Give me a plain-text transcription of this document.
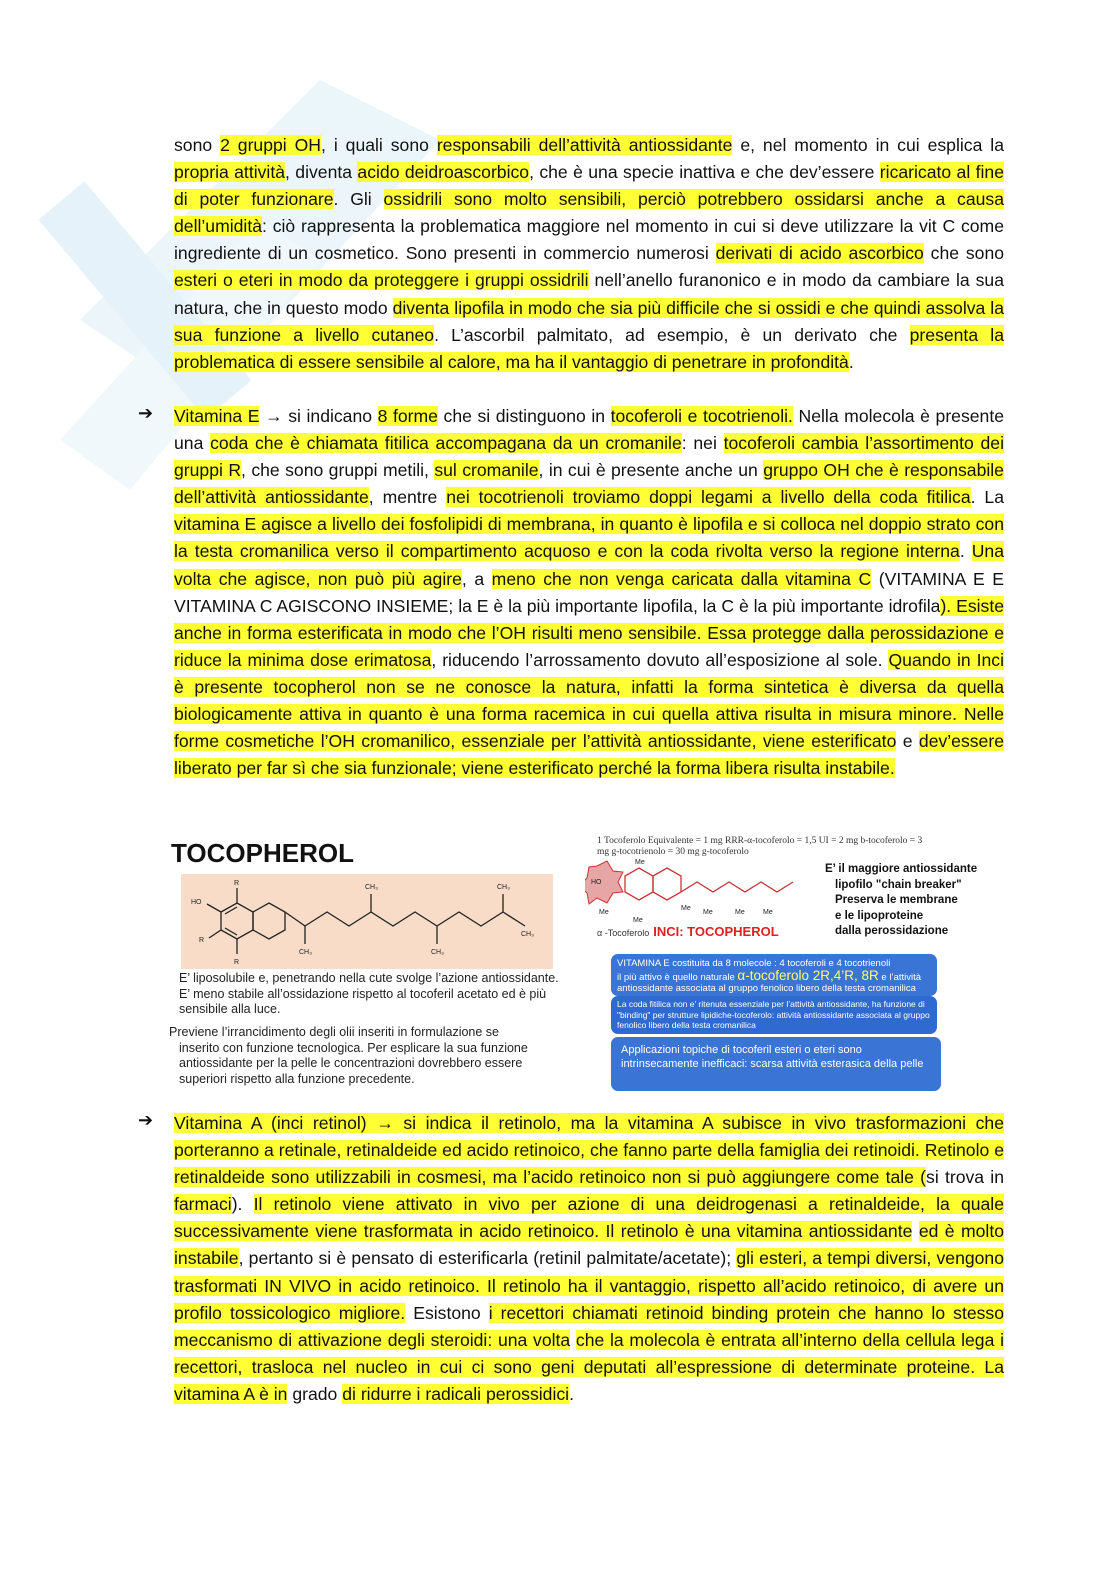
sono 2 gruppi OH, i quali sono responsabili dell’attività antiossidante e, nel momento in cui esplica la propria attività, diventa acido deidroascorbico, che è una specie inattiva e che dev’essere ricaricato al fine di poter funzionare. Gli ossidrili sono molto sensibili, perciò potrebbero ossidarsi anche a causa dell’umidità: ciò rappresenta la problematica maggiore nel momento in cui si deve utilizzare la vit C come ingrediente di un cosmetico. Sono presenti in commercio numerosi derivati di acido ascorbico che sono esteri o eteri in modo da proteggere i gruppi ossidrili nell’anello furanonico e in modo da cambiare la sua natura, che in questo modo diventa lipofila in modo che sia più difficile che si ossidi e che quindi assolva la sua funzione a livello cutaneo. L’ascorbil palmitato, ad esempio, è un derivato che presenta la problematica di essere sensibile al calore, ma ha il vantaggio di penetrare in profondità.
➔ Vitamina E → si indicano 8 forme che si distinguono in tocoferoli e tocotrienoli. Nella molecola è presente una coda che è chiamata fitilica accompagana da un cromanile: nei tocoferoli cambia l’assortimento dei gruppi R, che sono gruppi metili, sul cromanile, in cui è presente anche un gruppo OH che è responsabile dell’attività antiossidante, mentre nei tocotrienoli troviamo doppi legami a livello della coda fitilica. La vitamina E agisce a livello dei fosfolipidi di membrana, in quanto è lipofila e si colloca nel doppio strato con la testa cromanilica verso il compartimento acquoso e con la coda rivolta verso la regione interna. Una volta che agisce, non può più agire, a meno che non venga caricata dalla vitamina C (VITAMINA E E VITAMINA C AGISCONO INSIEME; la E è la più importante lipofila, la C è la più importante idrofila). Esiste anche in forma esterificata in modo che l’OH risulti meno sensibile. Essa protegge dalla perossidazione e riduce la minima dose erimatosa, riducendo l’arrossamento dovuto all’esposizione al sole. Quando in Inci è presente tocopherol non se ne conosce la natura, infatti la forma sintetica è diversa da quella biologicamente attiva in quanto è una forma racemica in cui quella attiva risulta in misura minore. Nelle forme cosmetiche l’OH cromanilico, essenziale per l’attività antiossidante, viene esterificato e dev’essere liberato per far sì che sia funzionale; viene esterificato perché la forma libera risulta instabile.
TOCOPHEROL
HO
R
R
R
CH₃
CH₃
CH₃
CH₃
CH₃
E’ liposolubile e, penetrando nella cute svolge l’azione antiossidante. E’ meno stabile all’ossidazione rispetto al tocoferil acetato ed è più sensibile alla luce.
Previene l’irrancidimento degli olii inseriti in formulazione se
inserito con funzione tecnologica. Per esplicare la sua funzione antiossidante per la pelle le concentrazioni dovrebbero essere superiori rispetto alla funzione precedente.
1 Tocoferolo Equivalente = 1 mg RRR-α-tocoferolo = 1,5 UI = 2 mg b-tocoferolo = 3 mg g-tocotrienolo = 30 mg g-tocoferolo
HO
Me
Me
Me
Me
Me	Me	Me
α -Tocoferolo INCI: TOCOPHEROL
E’ il maggiore antiossidante
lipofilo "chain breaker"
Preserva le membrane
e le lipoproteine
dalla perossidazione
VITAMINA E costituita da 8 molecole : 4 tocoferoli e 4 tocotrienoli
il più attivo è quello naturale α-tocoferolo 2R,4’R, 8R e l’attività antiossidante associata al gruppo fenolico libero della testa cromanilica
La coda fitilica non e’ ritenuta essenziale per l’attività antiossidante, ha funzione di "binding" per strutture lipidiche-tocoferolo: attività antiossidante associata al gruppo fenolico libero della testa cromanilica
Applicazioni topiche di tocoferil esteri o eteri sono intrinsecamente inefficaci: scarsa attività esterasica della pelle
➔ Vitamina A (inci retinol) → si indica il retinolo, ma la vitamina A subisce in vivo trasformazioni che porteranno a retinale, retinaldeide ed acido retinoico, che fanno parte della famiglia dei retinoidi. Retinolo e retinaldeide sono utilizzabili in cosmesi, ma l’acido retinoico non si può aggiungere come tale (si trova in farmaci). Il retinolo viene attivato in vivo per azione di una deidrogenasi a retinaldeide, la quale successivamente viene trasformata in acido retinoico. Il retinolo è una vitamina antiossidante ed è molto instabile, pertanto si è pensato di esterificarla (retinil palmitate/acetate); gli esteri, a tempi diversi, vengono trasformati IN VIVO in acido retinoico. Il retinolo ha il vantaggio, rispetto all’acido retinoico, di avere un profilo tossicologico migliore. Esistono i recettori chiamati retinoid binding protein che hanno lo stesso meccanismo di attivazione degli steroidi: una volta che la molecola è entrata all’interno della cellula lega i recettori, trasloca nel nucleo in cui ci sono geni deputati all’espressione di determinate proteine. La vitamina A è in grado di ridurre i radicali perossidici.
